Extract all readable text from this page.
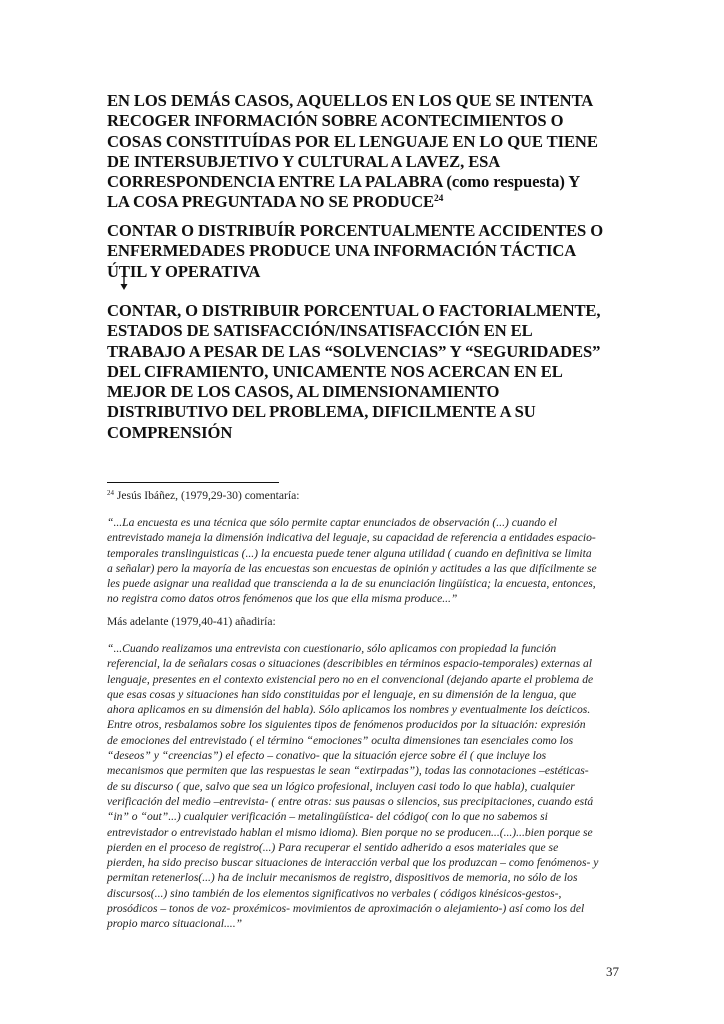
EN LOS DEMÁS CASOS, AQUELLOS EN LOS QUE SE INTENTA
RECOGER INFORMACIÓN SOBRE ACONTECIMIENTOS O
COSAS CONSTITUÍDAS POR EL LENGUAJE EN LO QUE TIENE
DE INTERSUBJETIVO Y CULTURAL A LAVEZ, ESA
CORRESPONDENCIA ENTRE LA PALABRA (como respuesta) Y
LA COSA PREGUNTADA NO SE PRODUCE$^{24}$
CONTAR O DISTRIBUÍR PORCENTUALMENTE ACCIDENTES O
ENFERMEDADES PRODUCE UNA INFORMACIÓN TÁCTICA
ÚTIL Y OPERATIVA
CONTAR, O DISTRIBUIR PORCENTUAL O FACTORIALMENTE,
ESTADOS DE SATISFACCIÓN/INSATISFACCIÓN EN EL
TRABAJO A PESAR DE LAS “SOLVENCIAS” Y “SEGURIDADES”
DEL CIFRAMIENTO, UNICAMENTE NOS ACERCAN EN EL
MEJOR DE LOS CASOS, AL DIMENSIONAMIENTO
DISTRIBUTIVO DEL PROBLEMA, DIFICILMENTE A SU
COMPRENSIÓN

$^{24}$ Jesús Ibáñez, (1979,29-30) comentaría:

“...La encuesta es una técnica que sólo permite captar enunciados de observación (...) cuando el
entrevistado maneja la dimensión indicativa del leguaje, su capacidad de referencia a entidades espacio-
temporales translinguisticas (...) la encuesta puede tener alguna utilidad ( cuando en definitiva se limita
a señalar) pero la mayoría de las encuestas son encuestas de opinión y actitudes a las que difícilmente se
les puede asignar una realidad que transcienda a la de su enunciación lingüística; la encuesta, entonces,
no registra como datos otros fenómenos que los que ella misma produce...”

Más adelante (1979,40-41) añadiría:

“...Cuando realizamos una entrevista con cuestionario, sólo aplicamos con propiedad la función
referencial, la de señalars cosas o situaciones (describibles en términos espacio-temporales) externas al
lenguaje, presentes en el contexto existencial pero no en el convencional (dejando aparte el problema de
que esas cosas y situaciones han sido constituidas por el lenguaje, en su dimensión de la lengua, que
ahora aplicamos en su dimensión del habla). Sólo aplicamos los nombres y eventualmente los deícticos.
Entre otros, resbalamos sobre los siguientes tipos de fenómenos producidos por la situación: expresión
de emociones del entrevistado ( el término “emociones” oculta dimensiones tan esenciales como los
“deseos” y “creencias”) el efecto – conativo- que la situación ejerce sobre él ( que incluye los
mecanismos que permiten que las respuestas le sean “extirpadas”), todas las connotaciones –estéticas-
de su discurso ( que, salvo que sea un lógico profesional, incluyen casi todo lo que habla), cualquier
verificación del medio –entrevista- ( entre otras: sus pausas o silencios, sus precipitaciones, cuando está
“in” o “out”...) cualquier verificación – metalingüística- del código( con lo que no sabemos si
entrevistador o entrevistado hablan el mismo idioma). Bien porque no se producen...(...)...bien porque se
pierden en el proceso de registro(...) Para recuperar el sentido adherido a esos materiales que se
pierden, ha sido preciso buscar situaciones de interacción verbal que los produzcan – como fenómenos- y
permitan retenerlos(...) ha de incluir mecanismos de registro, dispositivos de memoria, no sólo de los
discursos(...) sino también de los elementos significativos no verbales ( códigos kinésicos-gestos-,
prosódicos – tonos de voz- proxémicos- movimientos de aproximación o alejamiento-) así como los del
propio marco situacional....”
37
